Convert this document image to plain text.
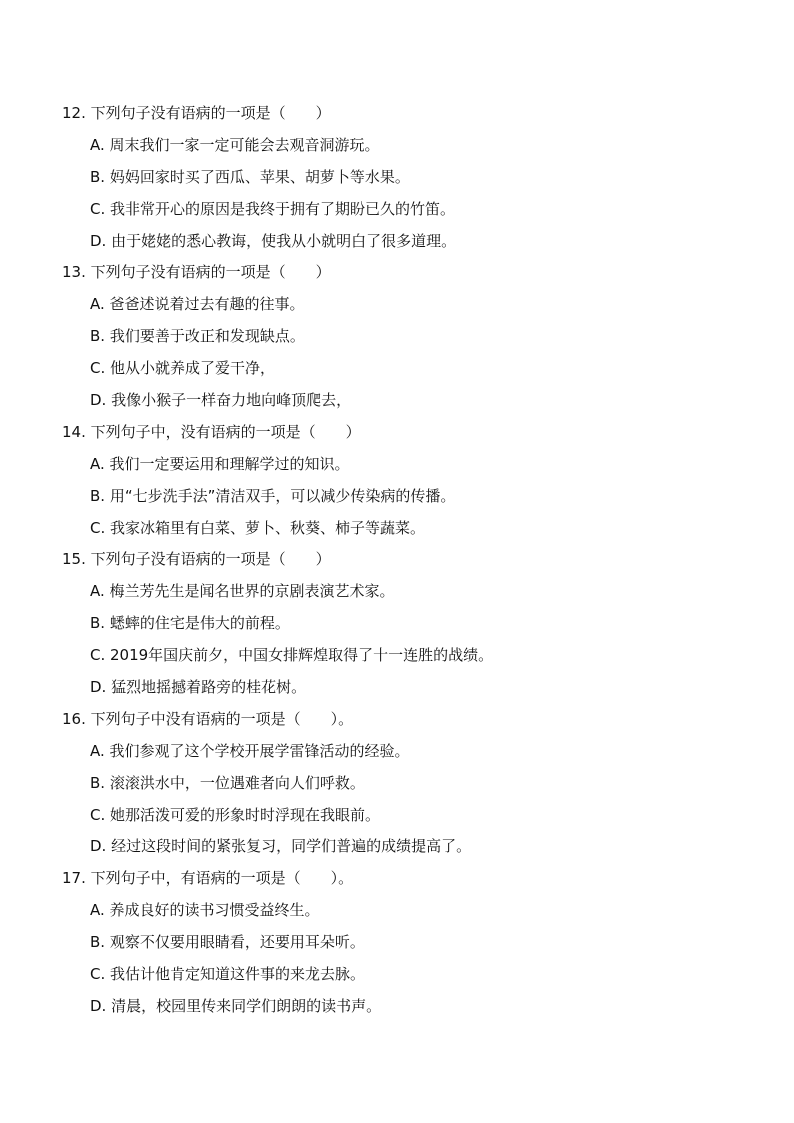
12. 下列句子没有语病的一项是（　　）
A. 周末我们一家一定可能会去观音洞游玩。
B. 妈妈回家时买了西瓜、苹果、胡萝卜等水果。
C. 我非常开心的原因是我终于拥有了期盼已久的竹笛。
D. 由于姥姥的悉心教诲，使我从小就明白了很多道理。
13. 下列句子没有语病的一项是（　　）
A. 爸爸述说着过去有趣的往事。
B. 我们要善于改正和发现缺点。
C. 他从小就养成了爱干净，
D. 我像小猴子一样奋力地向峰顶爬去，
14. 下列句子中，没有语病的一项是（　　）
A. 我们一定要运用和理解学过的知识。
B. 用“七步洗手法”清洁双手，可以减少传染病的传播。
C. 我家冰箱里有白菜、萝卜、秋葵、柿子等蔬菜。
15. 下列句子没有语病的一项是（　　）
A. 梅兰芳先生是闻名世界的京剧表演艺术家。
B. 蟋蟀的住宅是伟大的前程。
C. 2019年国庆前夕，中国女排辉煌取得了十一连胜的战绩。
D. 猛烈地摇撼着路旁的桂花树。
16. 下列句子中没有语病的一项是（　　）。
A. 我们参观了这个学校开展学雷锋活动的经验。
B. 滚滚洪水中，一位遇难者向人们呼救。
C. 她那活泼可爱的形象时时浮现在我眼前。
D. 经过这段时间的紧张复习，同学们普遍的成绩提高了。
17. 下列句子中，有语病的一项是（　　）。
A. 养成良好的读书习惯受益终生。
B. 观察不仅要用眼睛看，还要用耳朵听。
C. 我估计他肯定知道这件事的来龙去脉。
D. 清晨，校园里传来同学们朗朗的读书声。
